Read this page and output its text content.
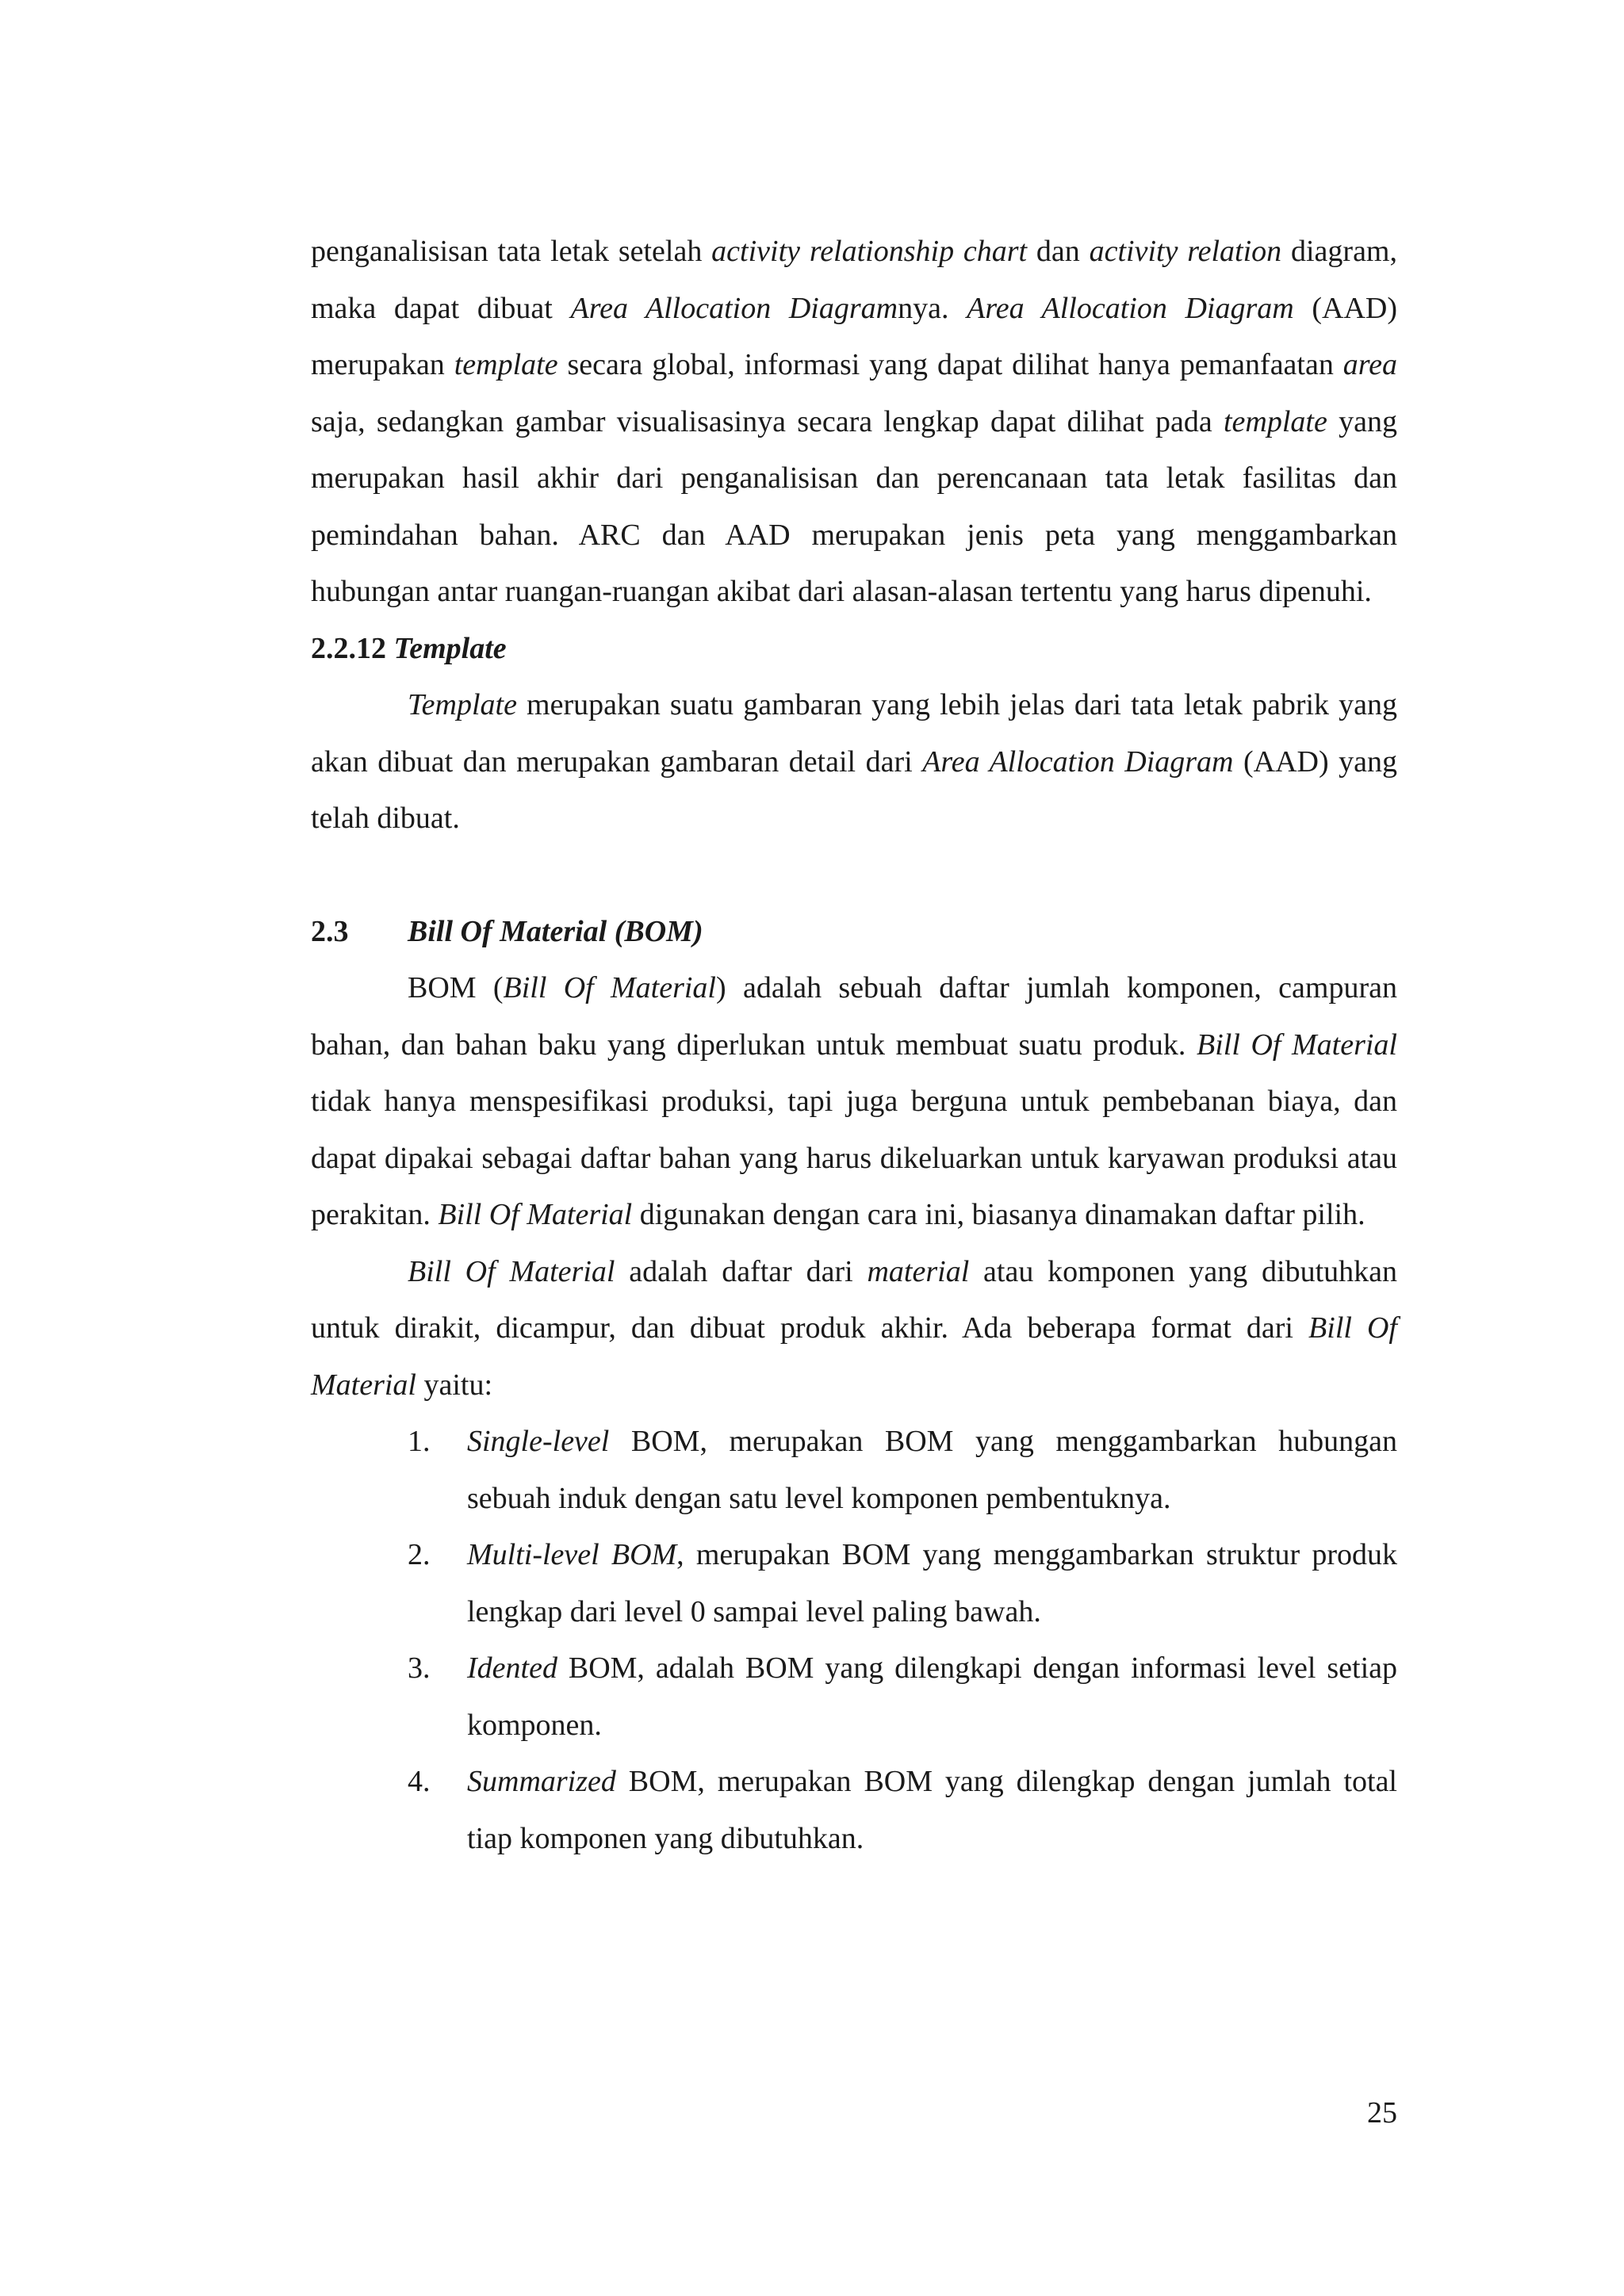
penganalisisan tata letak setelah activity relationship chart dan activity relation diagram, maka dapat dibuat Area Allocation Diagramnya. Area Allocation Diagram (AAD) merupakan template secara global, informasi yang dapat dilihat hanya pemanfaatan area saja, sedangkan gambar visualisasinya secara lengkap dapat dilihat pada template yang merupakan hasil akhir dari penganalisisan dan perencanaan tata letak fasilitas dan pemindahan bahan. ARC dan AAD merupakan jenis peta yang menggambarkan hubungan antar ruangan-ruangan akibat dari alasan-alasan tertentu yang harus dipenuhi.

2.2.12 Template

Template merupakan suatu gambaran yang lebih jelas dari tata letak pabrik yang akan dibuat dan merupakan gambaran detail dari Area Allocation Diagram (AAD) yang telah dibuat.

2.3 Bill Of Material (BOM)

BOM (Bill Of Material) adalah sebuah daftar jumlah komponen, campuran bahan, dan bahan baku yang diperlukan untuk membuat suatu produk. Bill Of Material tidak hanya menspesifikasi produksi, tapi juga berguna untuk pembebanan biaya, dan dapat dipakai sebagai daftar bahan yang harus dikeluarkan untuk karyawan produksi atau perakitan. Bill Of Material digunakan dengan cara ini, biasanya dinamakan daftar pilih.

Bill Of Material adalah daftar dari material atau komponen yang dibutuhkan untuk dirakit, dicampur, dan dibuat produk akhir. Ada beberapa format dari Bill Of Material yaitu:

1. Single-level BOM, merupakan BOM yang menggambarkan hubungan sebuah induk dengan satu level komponen pembentuknya.
2. Multi-level BOM, merupakan BOM yang menggambarkan struktur produk lengkap dari level 0 sampai level paling bawah.
3. Idented BOM, adalah BOM yang dilengkapi dengan informasi level setiap komponen.
4. Summarized BOM, merupakan BOM yang dilengkap dengan jumlah total tiap komponen yang dibutuhkan.
25
